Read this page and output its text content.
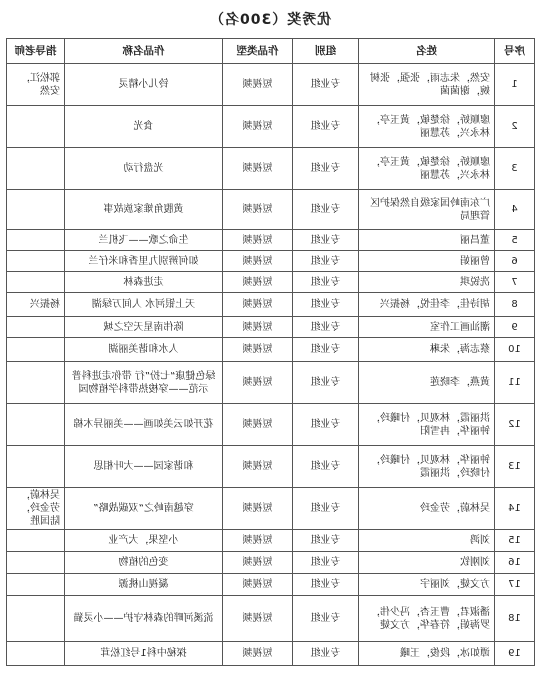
优秀奖（300名）
指导老师	作品名称	作品类型	组别	姓名	序号

郭松江，安然	铃儿小精灵	短视频	专业组	安然，朱志雨，张强，张树婉，谢菌菌	1

	食光	短视频	专业组	廖顺娇，徐楚敏，黄玉亭，林永兴，苏慧丽	2

	光盘行动	短视频	专业组	廖顺娇，徐楚敏，黄玉亭，林永兴，苏慧丽	3

	黄腹角雉家族故事	短视频	专业组	广东南岭国家级自然保护区管理局	4

	生命之歌——飞机兰	短视频	专业组	董昌丽	5

	如何辨别九里香和米仔兰	短视频	专业组	曾丽娟	6

	走进森林	短视频	专业组	冼锐琪	7

杨振兴	天上银河水 人间万绿湖	短视频	专业组	胡诗佳，李佳悦，杨振兴	8

	陈伟南星天空之城	短视频	专业组	潮汕画工作室	9

	人水和谐美丽湖	短视频	专业组	蔡志海，朱琳	10

	绿色健康“七扮”行 带你走进科普示范——穿梭热带科学植物园	短视频	专业组	黄燕，李晓莲	11

	花开如云美如画——美丽异木棉	短视频	专业组	洪丽霞，林观贝，付曦玲，钟丽华，冉雪阳	12

	和谐家园——大叶相思	短视频	专业组	钟丽华，林观贝，付曦玲，付晓玲，洪丽霞	13

吴林蔚，劳金玲，陆国胜	穿越南岭之“双碳战略”	短视频	专业组	吴林蔚，劳金玲	14

	小坚果，大产业	短视频	专业组	刘鸿	15

	变色的植物	短视频	专业组	刘刚钦	16

	凝视山桃源	短视频	专业组	方文婕，刘丽宇	17

	流溪河畔的森林守护——小灵猫	短视频	专业组	潘淑君，曹玉杏，冯少伟，罗海娟，符春华，方文婕	18

	探秘中科1号红松茸	短视频	专业组	谭如冰，段俊，王曦	19
